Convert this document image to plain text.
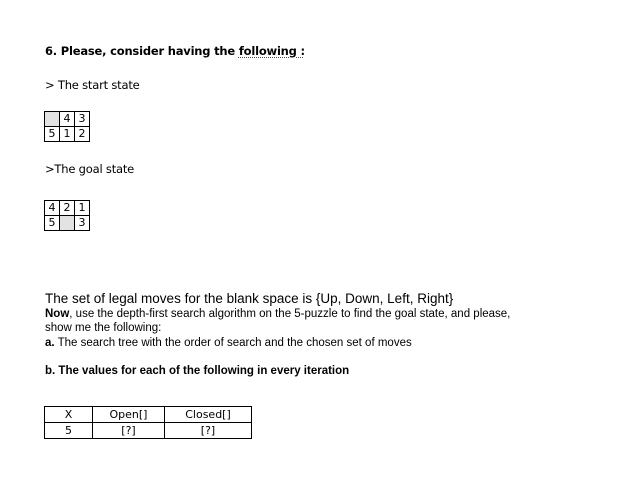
6. Please, consider having the following :
> The start state
	4	3
5	1	2
>The goal state
4	2	1
5		3
The set of legal moves for the blank space is {Up, Down, Left, Right}
Now, use the depth-first search algorithm on the 5-puzzle to find the goal state, and please,
show me the following:
a. The search tree with the order of search and the chosen set of moves
b. The values for each of the following in every iteration
X	Open[]	Closed[]
5	[?]	[?]
